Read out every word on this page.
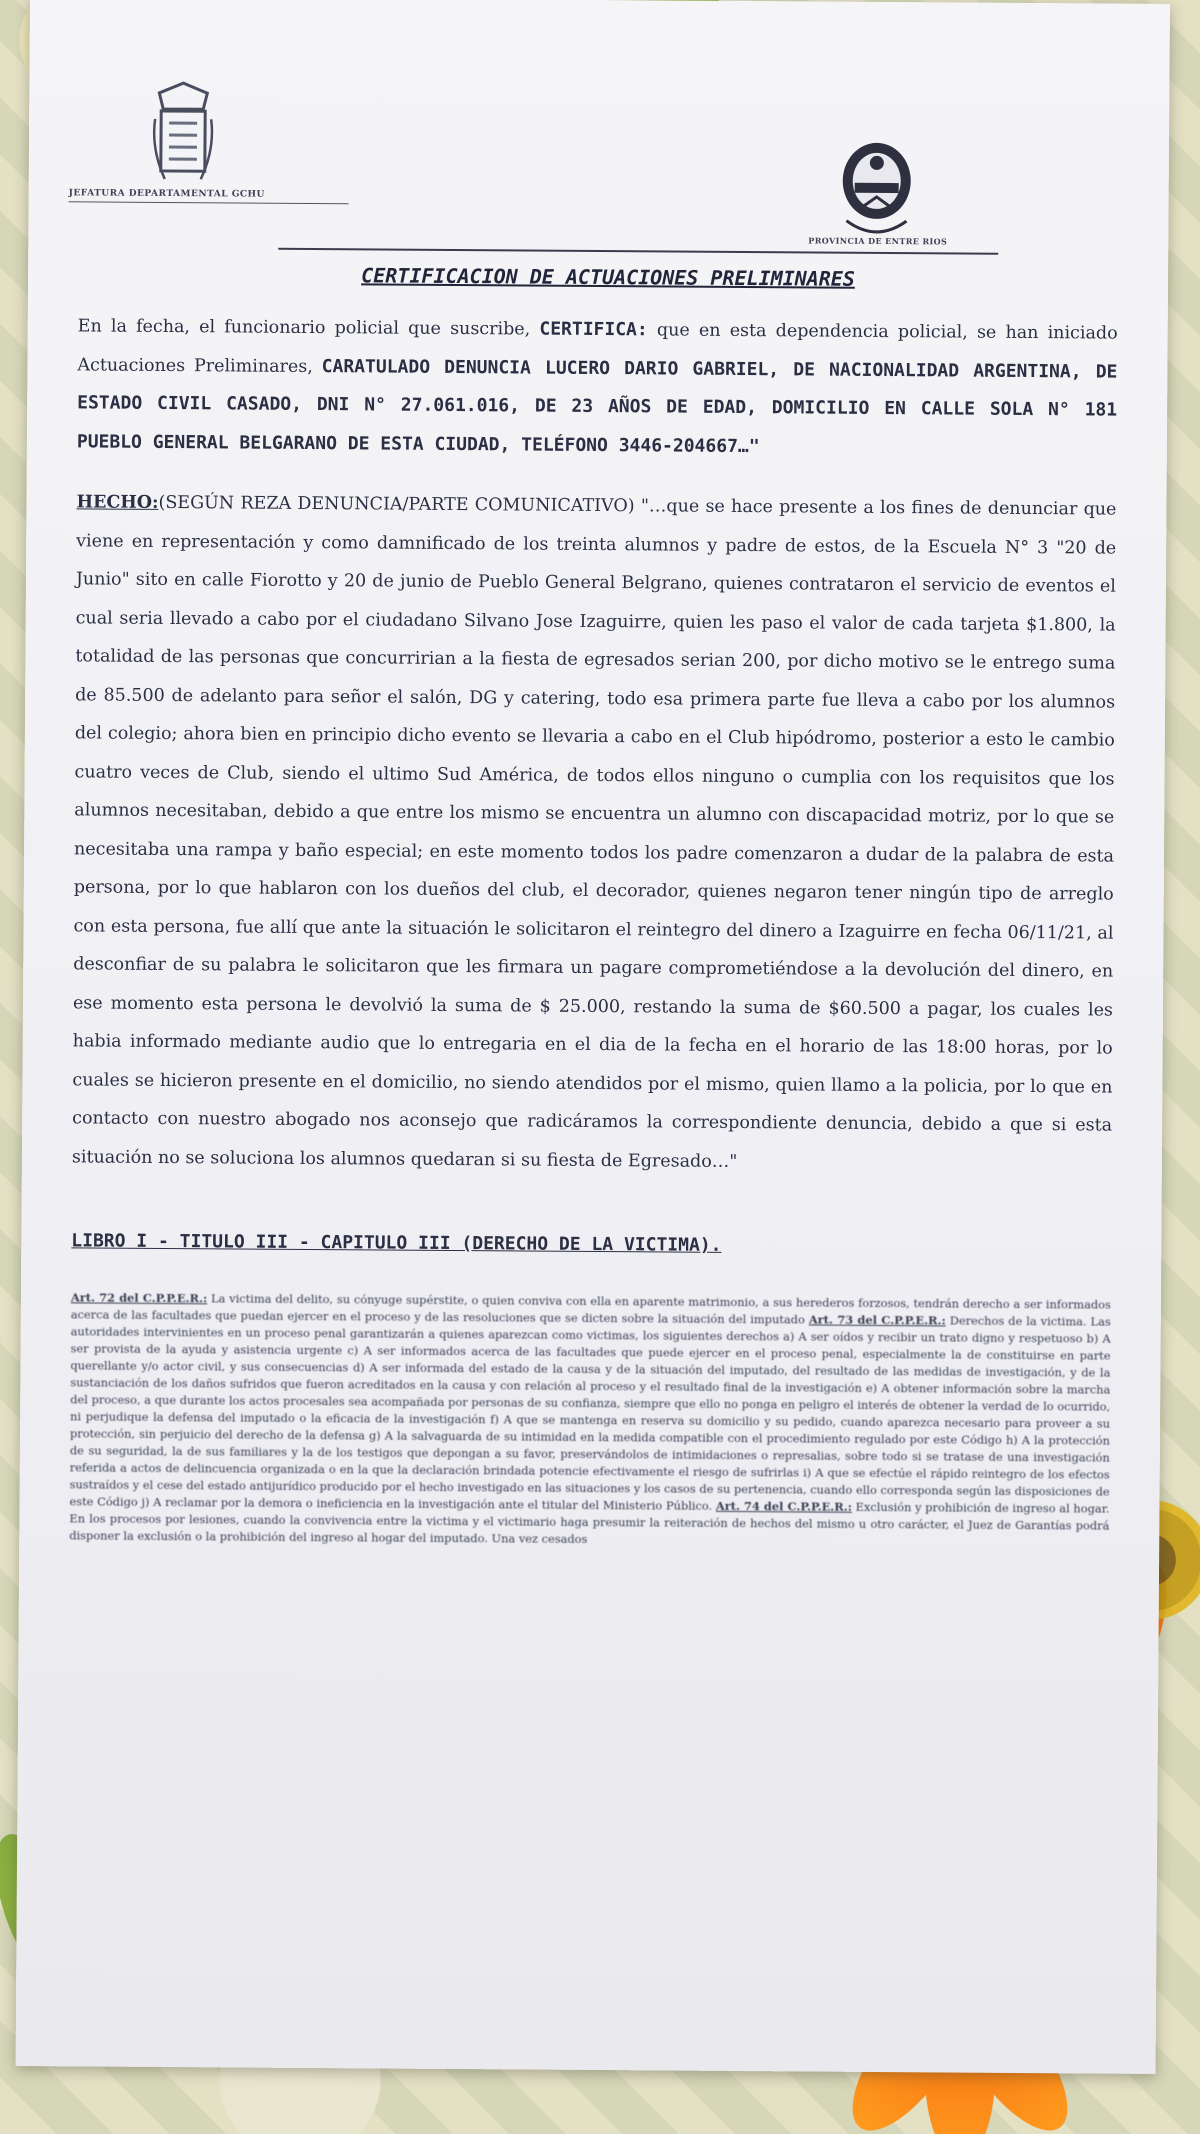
JEFATURA DEPARTAMENTAL GCHU
PROVINCIA DE ENTRE RIOS
CERTIFICACION DE ACTUACIONES PRELIMINARES

En la fecha, el funcionario policial que suscribe, CERTIFICA: que en esta dependencia policial, se han iniciado Actuaciones Preliminares, CARATULADO DENUNCIA LUCERO DARIO GABRIEL, DE NACIONALIDAD ARGENTINA, DE ESTADO CIVIL CASADO, DNI N° 27.061.016, DE 23 AÑOS DE EDAD, DOMICILIO EN CALLE SOLA N° 181 PUEBLO GENERAL BELGARANO DE ESTA CIUDAD, TELÉFONO 3446-204667…"

HECHO:(SEGÚN REZA DENUNCIA/PARTE COMUNICATIVO) "…que se hace presente a los fines de denunciar que viene en representación y como damnificado de los treinta alumnos y padre de estos, de la Escuela N° 3 "20 de Junio" sito en calle Fiorotto y 20 de junio de Pueblo General Belgrano, quienes contrataron el servicio de eventos el cual seria llevado a cabo por el ciudadano Silvano Jose Izaguirre, quien les paso el valor de cada tarjeta $1.800, la totalidad de las personas que concurririan a la fiesta de egresados serian 200, por dicho motivo se le entrego suma de 85.500 de adelanto para señor el salón, DG y catering, todo esa primera parte fue lleva a cabo por los alumnos del colegio; ahora bien en principio dicho evento se llevaria a cabo en el Club hipódromo, posterior a esto le cambio cuatro veces de Club, siendo el ultimo Sud América, de todos ellos ninguno o cumplia con los requisitos que los alumnos necesitaban, debido a que entre los mismo se encuentra un alumno con discapacidad motriz, por lo que se necesitaba una rampa y baño especial; en este momento todos los padre comenzaron a dudar de la palabra de esta persona, por lo que hablaron con los dueños del club, el decorador, quienes negaron tener ningún tipo de arreglo con esta persona, fue allí que ante la situación le solicitaron el reintegro del dinero a Izaguirre en fecha 06/11/21, al desconfiar de su palabra le solicitaron que les firmara un pagare comprometiéndose a la devolución del dinero, en ese momento esta persona le devolvió la suma de $ 25.000, restando la suma de $60.500 a pagar, los cuales les habia informado mediante audio que lo entregaria en el dia de la fecha en el horario de las 18:00 horas, por lo cuales se hicieron presente en el domicilio, no siendo atendidos por el mismo, quien llamo a la policia, por lo que en contacto con nuestro abogado nos aconsejo que radicáramos la correspondiente denuncia, debido a que si esta situación no se soluciona los alumnos quedaran si su fiesta de Egresado…"

LIBRO I - TITULO III - CAPITULO III (DERECHO DE LA VICTIMA).

Art. 72 del C.P.P.E.R.: La victima del delito, su cónyuge supérstite, o quien conviva con ella en aparente matrimonio, a sus herederos forzosos, tendrán derecho a ser informados acerca de las facultades que puedan ejercer en el proceso y de las resoluciones que se dicten sobre la situación del imputado Art. 73 del C.P.P.E.R.: Derechos de la victima. Las autoridades intervinientes en un proceso penal garantizarán a quienes aparezcan como victimas, los siguientes derechos a) A ser oídos y recibir un trato digno y respetuoso b) A ser provista de la ayuda y asistencia urgente c) A ser informados acerca de las facultades que puede ejercer en el proceso penal, especialmente la de constituirse en parte querellante y/o actor civil, y sus consecuencias d) A ser informada del estado de la causa y de la situación del imputado, del resultado de las medidas de investigación, y de la sustanciación de los daños sufridos que fueron acreditados en la causa y con relación al proceso y el resultado final de la investigación e) A obtener información sobre la marcha del proceso, a que durante los actos procesales sea acompañada por personas de su confianza, siempre que ello no ponga en peligro el interés de obtener la verdad de lo ocurrido, ni perjudique la defensa del imputado o la eficacia de la investigación f) A que se mantenga en reserva su domicilio y su pedido, cuando aparezca necesario para proveer a su protección, sin perjuicio del derecho de la defensa g) A la salvaguarda de su intimidad en la medida compatible con el procedimiento regulado por este Código h) A la protección de su seguridad, la de sus familiares y la de los testigos que depongan a su favor, preservándolos de intimidaciones o represalias, sobre todo si se tratase de una investigación referida a actos de delincuencia organizada o en la que la declaración brindada potencie efectivamente el riesgo de sufrirlas i) A que se efectúe el rápido reintegro de los efectos sustraídos y el cese del estado antijurídico producido por el hecho investigado en las situaciones y los casos de su pertenencia, cuando ello corresponda según las disposiciones de este Código j) A reclamar por la demora o ineficiencia en la investigación ante el titular del Ministerio Público. Art. 74 del C.P.P.E.R.: Exclusión y prohibición de ingreso al hogar. En los procesos por lesiones, cuando la convivencia entre la victima y el victimario haga presumir la reiteración de hechos del mismo u otro carácter, el Juez de Garantías podrá disponer la exclusión o la prohibición del ingreso al hogar del imputado. Una vez cesados
